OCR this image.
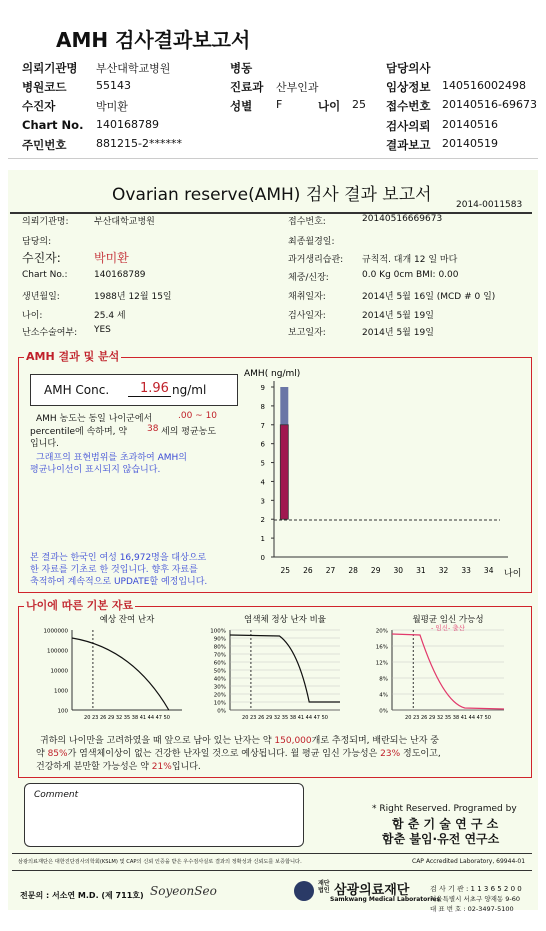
AMH 검사결과보고서
의뢰기관명 부산대학교병원	병동	담당의사
병원코드	55143	진료과 산부인과	임상정보 140516002498
수진자	박미환	성별 F	나이 25 접수번호 20140516-69673
Chart No. 140168789	검사의뢰 20140516
주민번호	881215-2******	결과보고 20140519
Ovarian reserve(AMH) 검사 결과 보고서	2014-0011583
의뢰기관명:	부산대학교병원
담당의:
수진자:	박미환
Chart No.:	140168789
생년월일:	1988년 12월 15일
나이:	25.4 세
난소수술여부: YES
접수번호:	20140516669673
최종월경일:
과거생리습관: 규칙적. 대개 12 일 마다
체중/신장:	0.0 Kg 0cm BMI: 0.00
채취일자:	2014년 5월 16일 (MCD # 0 일)
검사일자:	2014년 5월 19일
보고일자:	2014년 5월 19일
AMH 결과 및 분석
AMH Conc.	1.96 ng/ml
AMH 농도는 동일 나이군에서	.00 ~ 10
percentile에 속하며, 약 38 세의 평균농도
입니다.
그래프의 표현범위를 초과하여 AMH의
평균나이선이 표시되지 않습니다.
본 결과는 한국인 여성 16,972명을 대상으로
한 자료를 기초로 한 것입니다. 향후 자료를
축적하여 계속적으로 UPDATE할 예정입니다.
AMH( ng/ml)
0
1
2
3
4
5
6
7
8
9
25 26 27 28 29 30 31 32 33 34 나이
나이에 따른 기본 자료
예상 잔여 난자
1000000
100000
10000
1000
100
20 23 26 29 32 35 38 41 44 47 50
염색체 정상 난자 비율
100%
90%
80%
70%
60%
50%
40%
30%
20%
10%
0%
20 23 26 29 32 35 38 41 44 47 50
월평균 임신 가능성
20%
16%
12%
8%
4%
0%
20 23 26 29 32 35 38 41 44 47 50
- 임신- 출산
귀하의 나이만을 고려하였을 때 앞으로 남아 있는 난자는 약 150,000개로 추정되며, 배란되는 난자 중
약 85%가 염색체이상이 없는 건강한 난자일 것으로 예상됩니다. 월 평균 임신 가능성은 23% 정도이고,
건강하게 분만할 가능성은 약 21%입니다.
Comment
* Right Reserved. Programed by
함 춘 기 술 연 구 소
함춘 불임·유전 연구소
삼광의료재단은 대한진단검사의학회(KSLM) 및 CAP의 신뢰 인증을 받은 우수검사실로 결과의 정확성과 신뢰도를 보증합니다.	CAP Accredited Laboratory, 69944-01
전문의 : 서소연 M.D. (제 711호) SoyeonSeo
재단
법인 삼광의료재단
Samkwang Medical Laboratories
검 사 기 관 : 1 1 3 6 5 2 0 0
서울특별시 서초구 양재동 9-60
대 표 번 호 : 02-3497-5100
